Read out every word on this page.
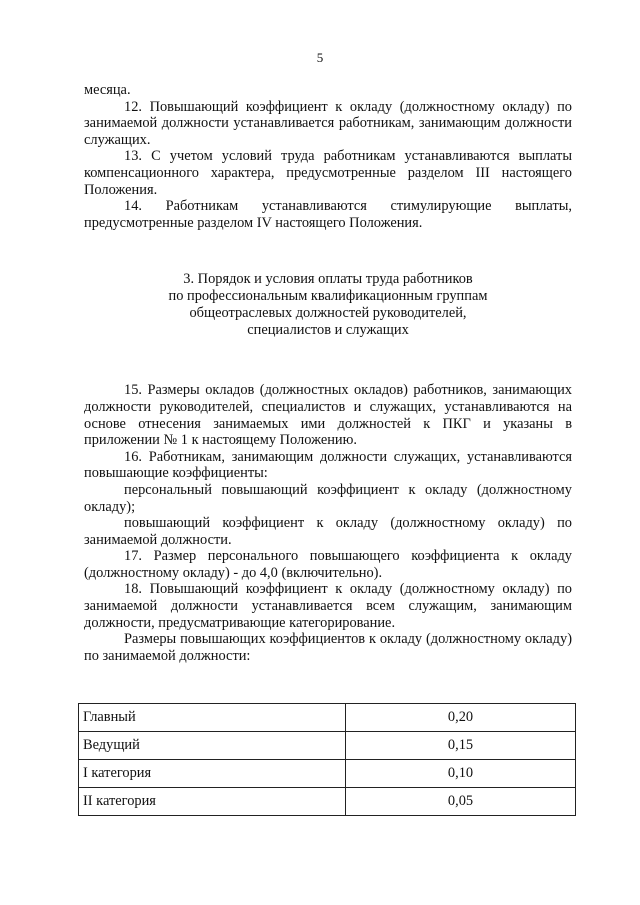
5

месяца.

12. Повышающий коэффициент к окладу (должностному окладу) по занимаемой должности устанавливается работникам, занимающим должности служащих.

13. С учетом условий труда работникам устанавливаются выплаты компенсационного характера, предусмотренные разделом III настоящего Положения.

14. Работникам устанавливаются стимулирующие выплаты, предусмотренные разделом IV настоящего Положения.

3. Порядок и условия оплаты труда работников
по профессиональным квалификационным группам
общеотраслевых должностей руководителей,
специалистов и служащих

15. Размеры окладов (должностных окладов) работников, занимающих должности руководителей, специалистов и служащих, устанавливаются на основе отнесения занимаемых ими должностей к ПКГ и указаны в приложении № 1 к настоящему Положению.

16. Работникам, занимающим должности служащих, устанавливаются повышающие коэффициенты:

персональный повышающий коэффициент к окладу (должностному окладу);

повышающий коэффициент к окладу (должностному окладу) по занимаемой должности.

17. Размер персонального повышающего коэффициента к окладу (должностному окладу) - до 4,0 (включительно).

18. Повышающий коэффициент к окладу (должностному окладу) по занимаемой должности устанавливается всем служащим, занимающим должности, предусматривающие категорирование.

Размеры повышающих коэффициентов к окладу (должностному окладу) по занимаемой должности:

Главный	0,20
Ведущий	0,15
I категория	0,10
II категория	0,05
